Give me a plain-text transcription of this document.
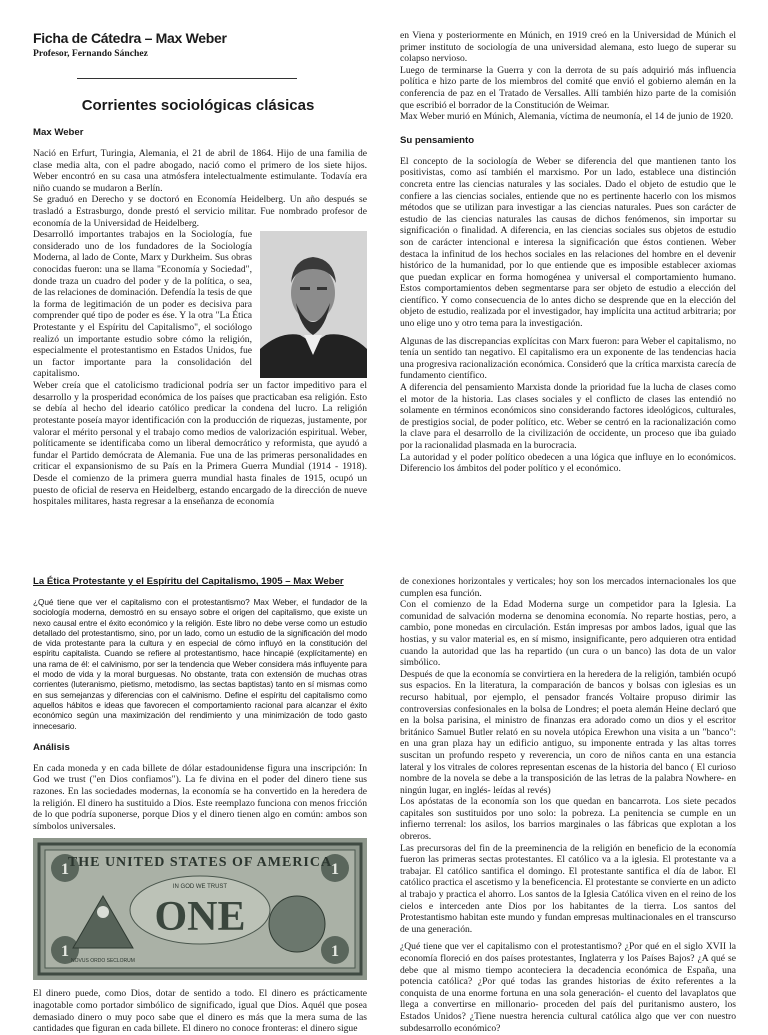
Ficha de Cátedra – Max Weber

Profesor, Fernando Sánchez

Corrientes sociológicas clásicas

Max Weber

Nació en Erfurt, Turingia, Alemania, el 21 de abril de 1864. Hijo de una familia de clase media alta, con el padre abogado, nació como el primero de los siete hijos. Weber encontró en su casa una atmósfera intelectualmente estimulante. Todavía era niño cuando se mudaron a Berlín.

Se graduó en Derecho y se doctoró en Economía Heidelberg. Un año después se trasladó a Estrasburgo, donde prestó el servicio militar. Fue nombrado profesor de economía de la Universidad de Heidelberg.

Desarrolló importantes trabajos en la Sociología, fue considerado uno de los fundadores de la Sociología Moderna, al lado de Conte, Marx y Durkheim. Sus obras conocidas fueron: una se llama "Economía y Sociedad", donde traza un cuadro del poder y de la política, o sea, de las relaciones de dominación. Defendía la tesis de que la forma de legitimación de un poder es decisiva para comprender qué tipo de poder es ése. Y la otra "La Ética Protestante y el Espíritu del Capitalismo", el sociólogo realizó un importante estudio sobre cómo la religión, especialmente el protestantismo en Estados Unidos, fue un factor importante para la consolidación del capitalismo.

Weber creía que el catolicismo tradicional podría ser un factor impeditivo para el desarrollo y la prosperidad económica de los países que practicaban esa religión. Esto se debía al hecho del ideario católico predicar la condena del lucro. La religión protestante poseía mayor identificación con la producción de riquezas, justamente, por valorar el mérito personal y el trabajo como medios de valorización espiritual. Weber, políticamente se identificaba como un liberal democrático y reformista, que ayudó a fundar el Partido demócrata de Alemania. Fue una de las primeras personalidades en criticar el expansionismo de su País en la Primera Guerra Mundial (1914 - 1918). Desde el comienzo de la primera guerra mundial hasta finales de 1915, ocupó un puesto de oficial de reserva en Heidelberg, estando encargado de la dirección de nueve hospitales militares, hasta regresar a la enseñanza de economía

en Viena y posteriormente en Múnich, en 1919 creó en la Universidad de Múnich el primer instituto de sociología de una universidad alemana, esto luego de superar su colapso nervioso.

Luego de terminarse la Guerra y con la derrota de su país adquirió más influencia política e hizo parte de los miembros del comité que envió el gobierno alemán en la conferencia de paz en el Tratado de Versalles. Allí también hizo parte de la comisión que escribió el borrador de la Constitución de Weimar.

Max Weber murió en Múnich, Alemania, víctima de neumonía, el 14 de junio de 1920.

Su pensamiento

El concepto de la sociología de Weber se diferencia del que mantienen tanto los positivistas, como así también el marxismo. Por un lado, establece una distinción concreta entre las ciencias naturales y las sociales. Dado el objeto de estudio que le confiere a las ciencias sociales, entiende que no es pertinente hacerlo con los mismos métodos que se utilizan para investigar a las ciencias naturales. Pues son carácter de estudio de las ciencias naturales las causas de dichos fenómenos, sin importar su significación o finalidad. A diferencia, en las ciencias sociales sus objetos de estudio son de carácter intencional e interesa la significación que éstos contienen. Weber destaca la infinitud de los hechos sociales en las relaciones del hombre en el devenir histórico de la humanidad, por lo que entiende que es imposible establecer axiomas que puedan explicar en forma homogénea y universal el comportamiento humano. Estos comportamientos deben segmentarse para ser objeto de estudio a elección del científico. Y como consecuencia de lo antes dicho se desprende que en la elección del objeto de estudio, realizada por el investigador, hay implícita una actitud arbitraria; por uno elige uno y otro tema para la investigación.

Algunas de las discrepancias explícitas con Marx fueron: para Weber el capitalismo, no tenía un sentido tan negativo. El capitalismo era un exponente de las tendencias hacia una progresiva racionalización económica. Consideró que la crítica marxista carecía de fundamento científico.

A diferencia del pensamiento Marxista donde la prioridad fue la lucha de clases como el motor de la historia. Las clases sociales y el conflicto de clases las entendió no solamente en términos económicos sino considerando factores ideológicos, culturales, de prestigios social, de poder político, etc. Weber se centró en la racionalización como la clave para el desarrollo de la civilización de occidente, un proceso que iba guiado por la racionalidad plasmada en la burocracia.

La autoridad y el poder político obedecen a una lógica que influye en lo económicos. Diferencio los ámbitos del poder político y el económico.

La Ética Protestante y el Espíritu del Capitalismo, 1905 – Max Weber

¿Qué tiene que ver el capitalismo con el protestantismo? Max Weber, el fundador de la sociología moderna, demostró en su ensayo sobre el origen del capitalismo, que existe un nexo causal entre el éxito económico y la religión. Este libro no debe verse como un estudio detallado del protestantismo, sino, por un lado, como un estudio de la significación del modo de vida protestante para la cultura y en especial de cómo influyó en la constitución del espíritu capitalista. Cuando se refiere al protestantismo, hace hincapié (explícitamente) en una rama de él: el calvinismo, por ser la tendencia que Weber considera más influyente para el modo de vida y la moral burguesas. No obstante, trata con extensión de muchas otras corrientes (luteranismo, pietismo, metodismo, las sectas baptistas) tanto en sí mismas como en sus semejanzas y diferencias con el calvinismo. Define el espíritu del capitalismo como aquellos hábitos e ideas que favorecen el comportamiento racional para alcanzar el éxito económico según una maximización del rendimiento y una minimización de todo gasto innecesario.

Análisis

En cada moneda y en cada billete de dólar estadounidense figura una inscripción: In God we trust ("en Dios confiamos"). La fe divina en el poder del dinero tiene sus razones. En las sociedades modernas, la economía se ha convertido en la heredera de la religión. El dinero ha sustituido a Dios. Este reemplazo funciona con menos fricción de lo que podría suponerse, porque Dios y el dinero tienen algo en común: ambos son símbolos universales.

1	1
1	1
THE UNITED STATES OF AMERICA
IN GOD WE TRUST
ONE
NOVUS ORDO SECLORUM

El dinero puede, como Dios, dotar de sentido a todo. El dinero es prácticamente inagotable como portador simbólico de significado, igual que Dios. Aquél que posea demasiado dinero o muy poco sabe que el dinero es más que la mera suma de las cantidades que figuran en cada billete. El dinero no conoce fronteras: el dinero sigue

de conexiones horizontales y verticales; hoy son los mercados internacionales los que cumplen esa función.

Con el comienzo de la Edad Moderna surge un competidor para la Iglesia. La comunidad de salvación moderna se denomina economía. No reparte hostias, pero, a cambio, pone monedas en circulación. Están impresas por ambos lados, igual que las hostias, y su valor material es, en sí mismo, insignificante, pero adquieren otra entidad cuando la autoridad que las ha repartido (un cura o un banco) las dota de un valor simbólico.

Después de que la economía se convirtiera en la heredera de la religión, también ocupó sus espacios. En la literatura, la comparación de bancos y bolsas con iglesias es un recurso habitual, por ejemplo, el pensador francés Voltaire propuso dirimir las controversias confesionales en la bolsa de Londres; el poeta alemán Heine declaró que en la bolsa parisina, el ministro de finanzas era adorado como un dios y el escritor británico Samuel Butler relató en su novela utópica Erewhon una visita a un "banco": en una gran plaza hay un edificio antiguo, su imponente entrada y las altas torres suscitan un profundo respeto y reverencia, un coro de niños canta en una estancia lateral y los vitrales de colores representan escenas de la historia del banco ( El curioso nombre de la novela se debe a la transposición de las letras de la palabra Nowhere- en ningún lugar, en inglés- leídas al revés)

Los apóstatas de la economía son los que quedan en bancarrota. Los siete pecados capitales son sustituidos por uno solo: la pobreza. La penitencia se cumple en un infierno terrenal: los asilos, los barrios marginales o las fábricas que explotan a los obreros.

Las precursoras del fin de la preeminencia de la religión en beneficio de la economía fueron las primeras sectas protestantes. El católico va a la iglesia. El protestante va a trabajar. El católico santifica el domingo. El protestante santifica el día de labor. El católico practica el ascetismo y la beneficencia. El protestante se convierte en un adicto al trabajo y practica el ahorro. Los santos de la Iglesia Católica viven en el reino de los cielos e interceden ante Dios por los habitantes de la tierra. Los santos del Protestantismo habitan este mundo y fundan empresas multinacionales en el transcurso de una generación.

¿Qué tiene que ver el capitalismo con el protestantismo? ¿Por qué en el siglo XVII la economía floreció en dos países protestantes, Inglaterra y los Países Bajos? ¿A qué se debe que al mismo tiempo aconteciera la decadencia económica de España, una potencia católica? ¿Por qué todas las grandes historias de éxito referentes a la conquista de una enorme fortuna en una sola generación- el cuento del lavaplatos que llega a convertirse en millonario- proceden del país del puritanismo austero, los Estados Unidos? ¿Tiene nuestra herencia cultural católica algo que ver con nuestro subdesarrollo económico?
